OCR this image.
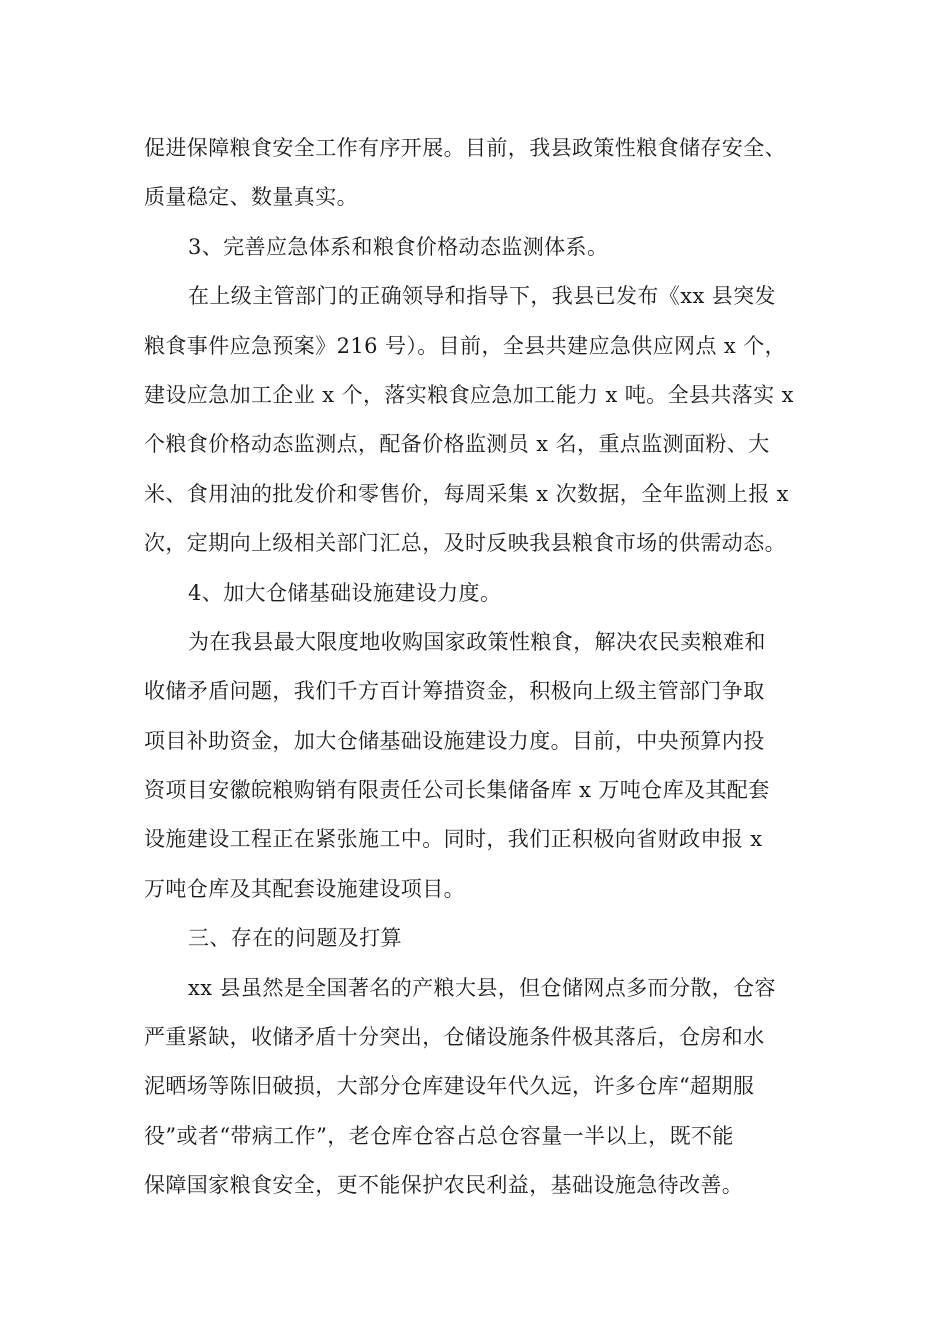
促进保障粮食安全工作有序开展。目前，我县政策性粮食储存安全、
质量稳定、数量真实。
3、完善应急体系和粮食价格动态监测体系。
在上级主管部门的正确领导和指导下，我县已发布《xx 县突发
粮食事件应急预案》216 号）。目前，全县共建应急供应网点 x 个，
建设应急加工企业 x 个，落实粮食应急加工能力 x 吨。全县共落实 x
个粮食价格动态监测点，配备价格监测员 x 名，重点监测面粉、大
米、食用油的批发价和零售价，每周采集 x 次数据，全年监测上报 x
次，定期向上级相关部门汇总，及时反映我县粮食市场的供需动态。
4、加大仓储基础设施建设力度。
为在我县最大限度地收购国家政策性粮食，解决农民卖粮难和
收储矛盾问题，我们千方百计筹措资金，积极向上级主管部门争取
项目补助资金，加大仓储基础设施建设力度。目前，中央预算内投
资项目安徽皖粮购销有限责任公司长集储备库 x 万吨仓库及其配套
设施建设工程正在紧张施工中。同时，我们正积极向省财政申报 x
万吨仓库及其配套设施建设项目。
三、存在的问题及打算
xx 县虽然是全国著名的产粮大县，但仓储网点多而分散，仓容
严重紧缺，收储矛盾十分突出，仓储设施条件极其落后，仓房和水
泥晒场等陈旧破损，大部分仓库建设年代久远，许多仓库“超期服
役”或者“带病工作”，老仓库仓容占总仓容量一半以上，既不能
保障国家粮食安全，更不能保护农民利益，基础设施急待改善。
